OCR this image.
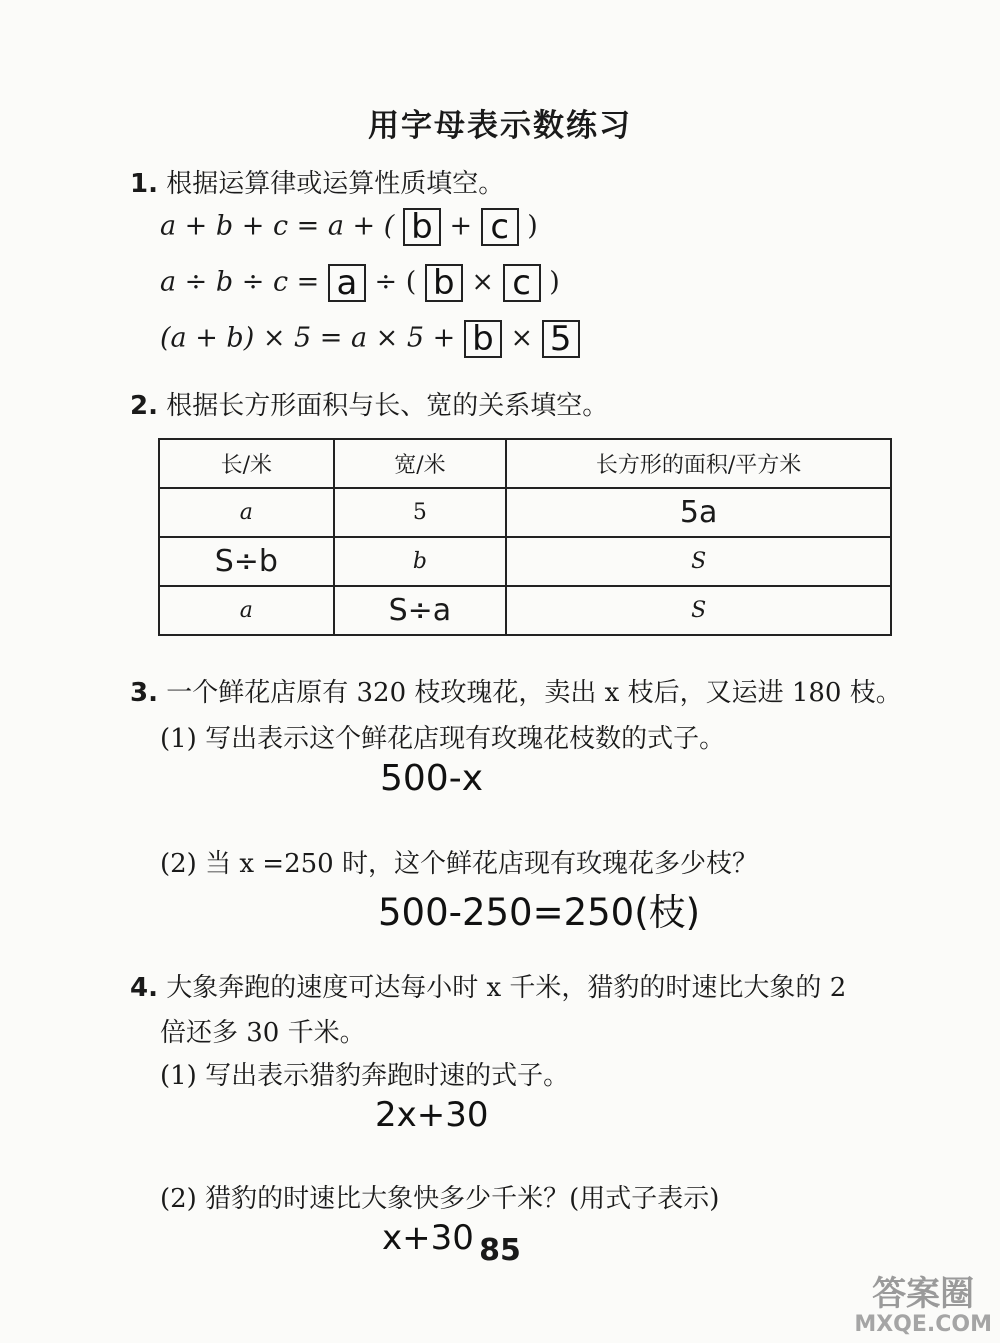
用字母表示数练习
1. 根据运算律或运算性质填空。
a + b + c = a + ( b + c )
a ÷ b ÷ c = a ÷ ( b × c )
(a + b) × 5 = a × 5 + b × 5
2. 根据长方形面积与长、宽的关系填空。
长/米	宽/米	长方形的面积/平方米
a	5	5a
S÷b	b	S
a	S÷a	S
3. 一个鲜花店原有 320 枝玫瑰花，卖出 x 枝后，又运进 180 枝。
(1) 写出表示这个鲜花店现有玫瑰花枝数的式子。
500-x
(2) 当 x =250 时，这个鲜花店现有玫瑰花多少枝？
500-250=250(枝)
4. 大象奔跑的速度可达每小时 x 千米，猎豹的时速比大象的 2
倍还多 30 千米。
(1) 写出表示猎豹奔跑时速的式子。
2x+30
(2) 猎豹的时速比大象快多少千米？(用式子表示)
x+30 85
答案圈
MXQE.COM
